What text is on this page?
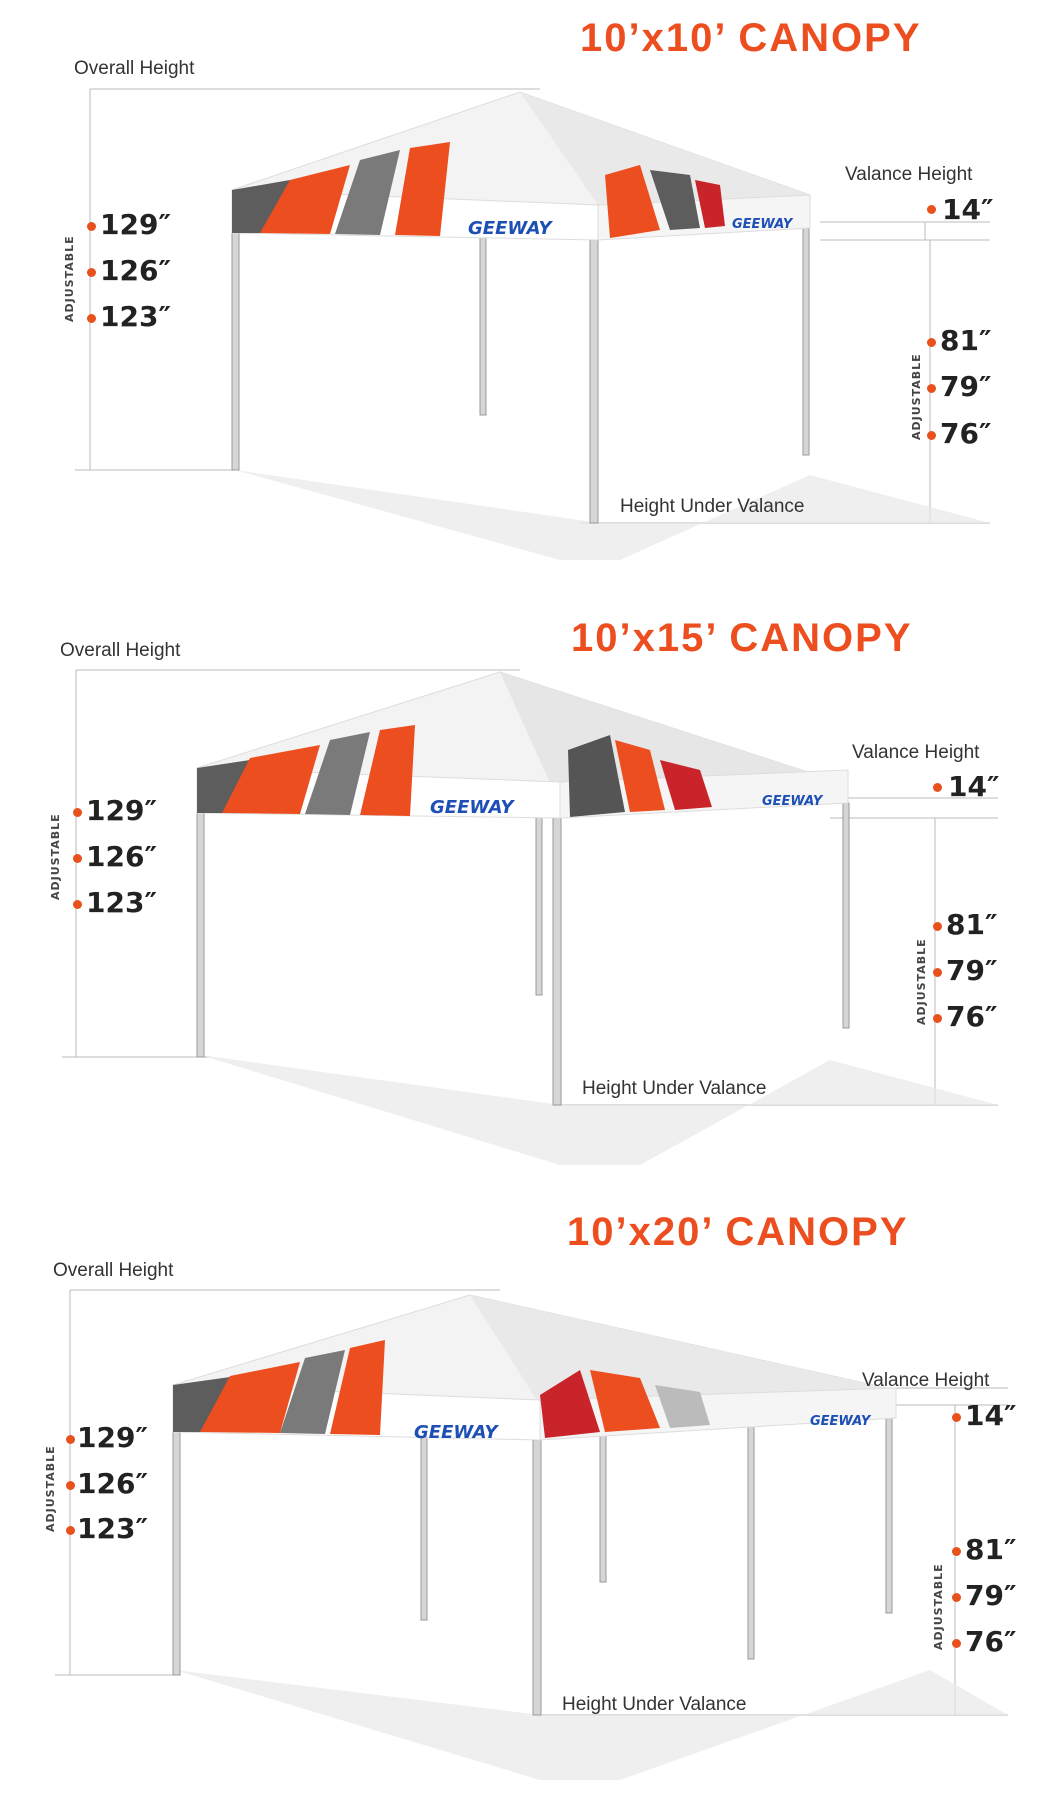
GEEWAY	GEEWAY
10’x10’ CANOPY
Overall Height
Valance Height
Height Under Valance
ADJUSTABLE
129″
126″
123″
14″
ADJUSTABLE
81″
79″
76″
GEEWAY	GEEWAY
10’x15’ CANOPY
Overall Height
Valance Height
Height Under Valance
ADJUSTABLE
129″
126″
123″
14″
ADJUSTABLE
81″
79″
76″
GEEWAY
GEEWAY
10’x20’ CANOPY
Overall Height
Valance Height
Height Under Valance
ADJUSTABLE
129″
126″
123″
14″
ADJUSTABLE
81″
79″
76″
